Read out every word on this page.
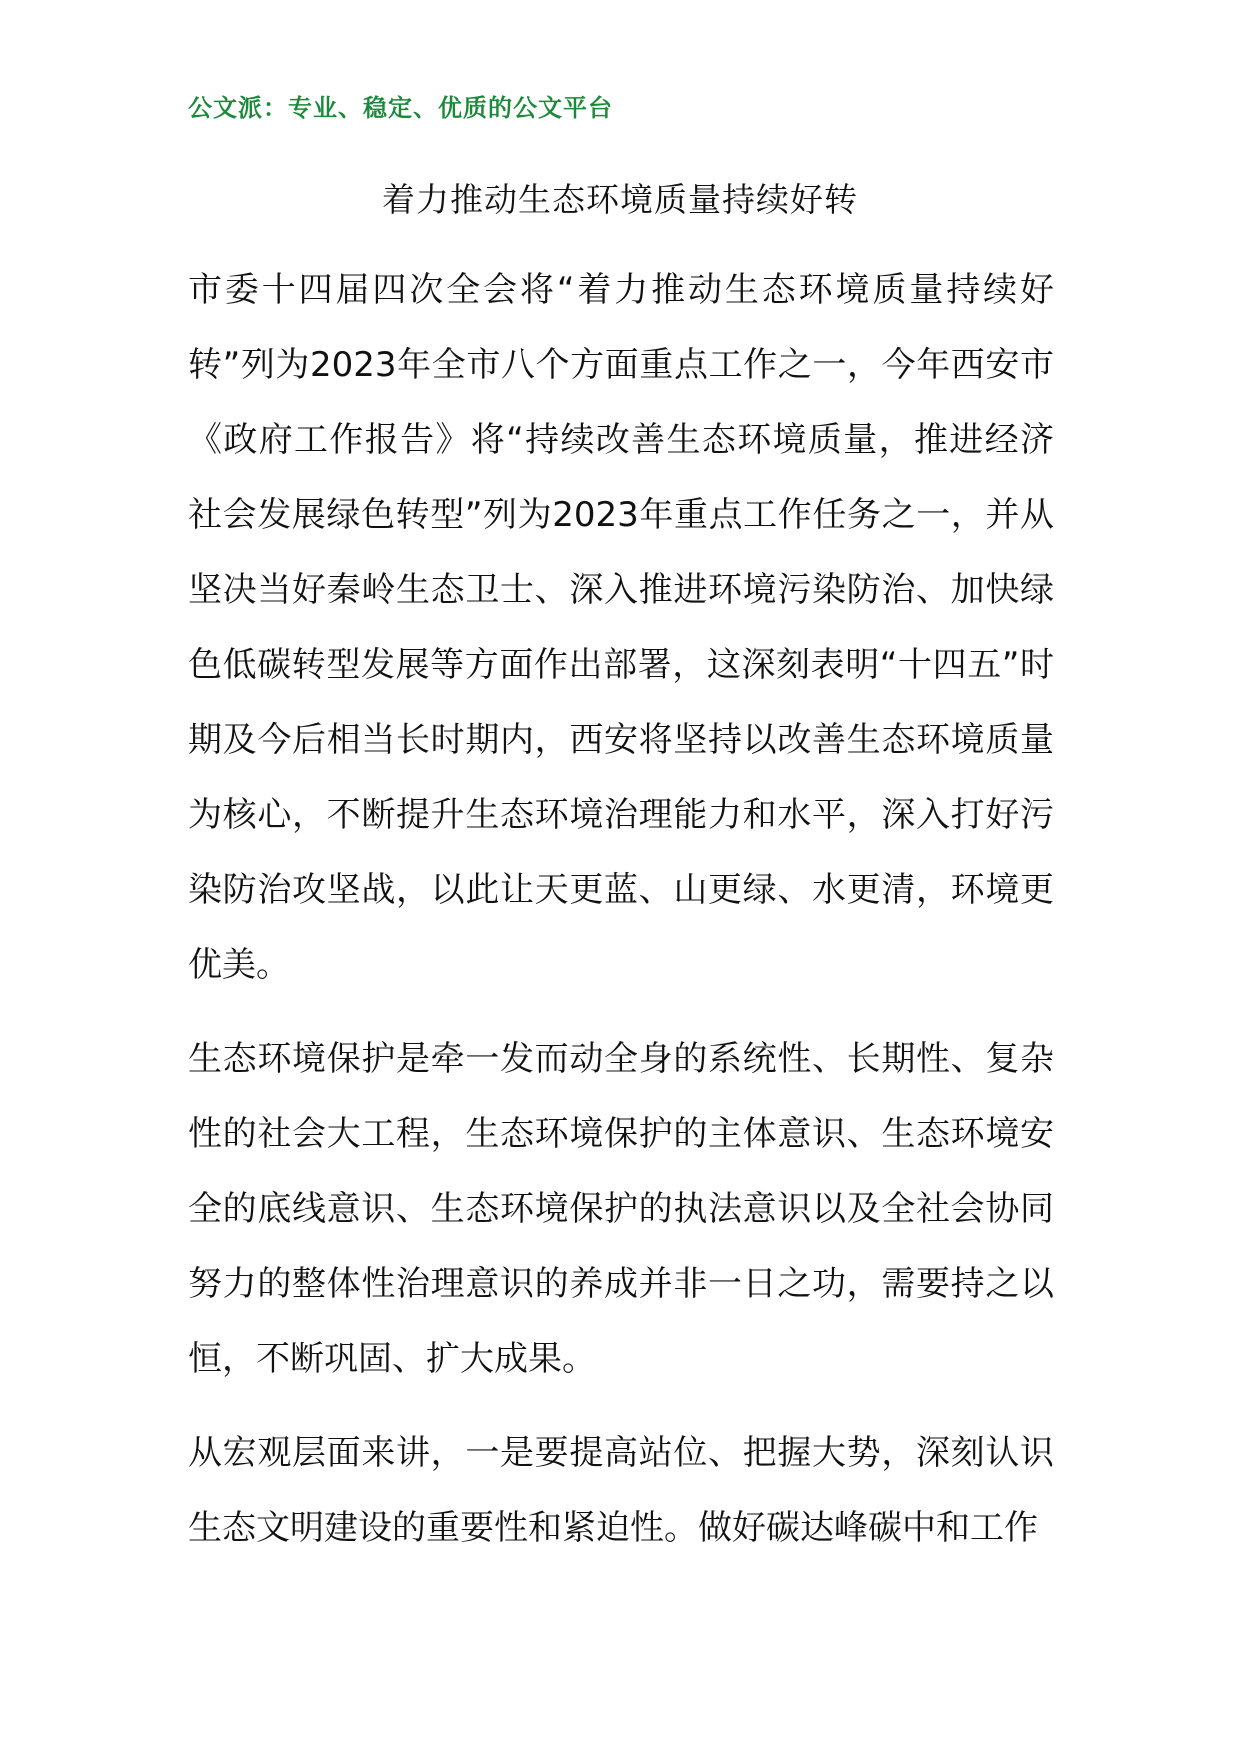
公文派：专业、稳定、优质的公文平台
着力推动生态环境质量持续好转

市委十四届四次全会将“着力推动生态环境质量持续好转”列为2023年全市八个方面重点工作之一，今年西安市《政府工作报告》将“持续改善生态环境质量，推进经济社会发展绿色转型”列为2023年重点工作任务之一，并从坚决当好秦岭生态卫士、深入推进环境污染防治、加快绿色低碳转型发展等方面作出部署，这深刻表明“十四五”时期及今后相当长时期内，西安将坚持以改善生态环境质量为核心，不断提升生态环境治理能力和水平，深入打好污染防治攻坚战，以此让天更蓝、山更绿、水更清，环境更优美。

生态环境保护是牵一发而动全身的系统性、长期性、复杂性的社会大工程，生态环境保护的主体意识、生态环境安全的底线意识、生态环境保护的执法意识以及全社会协同努力的整体性治理意识的养成并非一日之功，需要持之以恒，不断巩固、扩大成果。

从宏观层面来讲，一是要提高站位、把握大势，深刻认识生态文明建设的重要性和紧迫性。做好碳达峰碳中和工作
